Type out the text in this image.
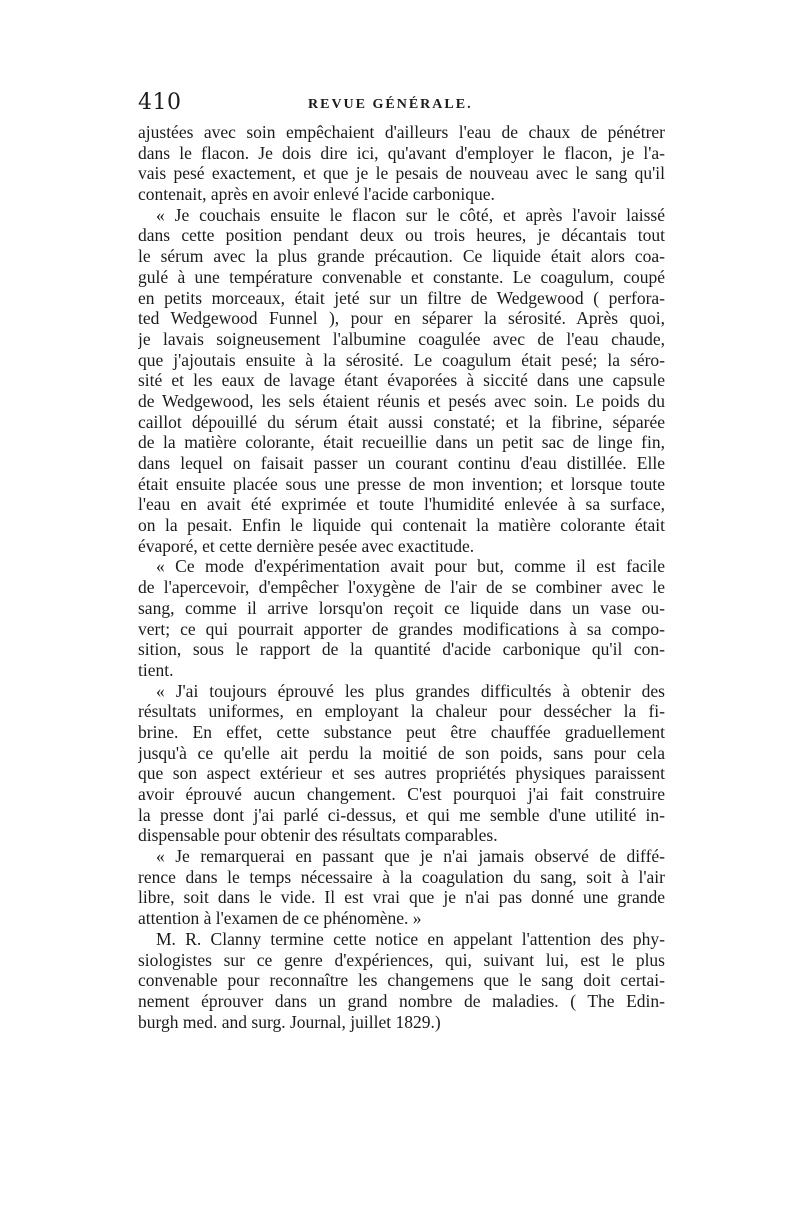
410	REVUE GÉNÉRALE.
ajustées avec soin empêchaient d'ailleurs l'eau de chaux de pénétrer
dans le flacon. Je dois dire ici, qu'avant d'employer le flacon, je l'a-
vais pesé exactement, et que je le pesais de nouveau avec le sang qu'il
contenait, après en avoir enlevé l'acide carbonique.
« Je couchais ensuite le flacon sur le côté, et après l'avoir laissé
dans cette position pendant deux ou trois heures, je décantais tout
le sérum avec la plus grande précaution. Ce liquide était alors coa-
gulé à une température convenable et constante. Le coagulum, coupé
en petits morceaux, était jeté sur un filtre de Wedgewood ( perfora-
ted Wedgewood Funnel ), pour en séparer la sérosité. Après quoi,
je lavais soigneusement l'albumine coagulée avec de l'eau chaude,
que j'ajoutais ensuite à la sérosité. Le coagulum était pesé; la séro-
sité et les eaux de lavage étant évaporées à siccité dans une capsule
de Wedgewood, les sels étaient réunis et pesés avec soin. Le poids du
caillot dépouillé du sérum était aussi constaté; et la fibrine, séparée
de la matière colorante, était recueillie dans un petit sac de linge fin,
dans lequel on faisait passer un courant continu d'eau distillée. Elle
était ensuite placée sous une presse de mon invention; et lorsque toute
l'eau en avait été exprimée et toute l'humidité enlevée à sa surface,
on la pesait. Enfin le liquide qui contenait la matière colorante était
évaporé, et cette dernière pesée avec exactitude.
« Ce mode d'expérimentation avait pour but, comme il est facile
de l'apercevoir, d'empêcher l'oxygène de l'air de se combiner avec le
sang, comme il arrive lorsqu'on reçoit ce liquide dans un vase ou-
vert; ce qui pourrait apporter de grandes modifications à sa compo-
sition, sous le rapport de la quantité d'acide carbonique qu'il con-
tient.
« J'ai toujours éprouvé les plus grandes difficultés à obtenir des
résultats uniformes, en employant la chaleur pour dessécher la fi-
brine. En effet, cette substance peut être chauffée graduellement
jusqu'à ce qu'elle ait perdu la moitié de son poids, sans pour cela
que son aspect extérieur et ses autres propriétés physiques paraissent
avoir éprouvé aucun changement. C'est pourquoi j'ai fait construire
la presse dont j'ai parlé ci-dessus, et qui me semble d'une utilité in-
dispensable pour obtenir des résultats comparables.
« Je remarquerai en passant que je n'ai jamais observé de diffé-
rence dans le temps nécessaire à la coagulation du sang, soit à l'air
libre, soit dans le vide. Il est vrai que je n'ai pas donné une grande
attention à l'examen de ce phénomène. »
M. R. Clanny termine cette notice en appelant l'attention des phy-
siologistes sur ce genre d'expériences, qui, suivant lui, est le plus
convenable pour reconnaître les changemens que le sang doit certai-
nement éprouver dans un grand nombre de maladies. ( The Edin-
burgh med. and surg. Journal, juillet 1829.)
